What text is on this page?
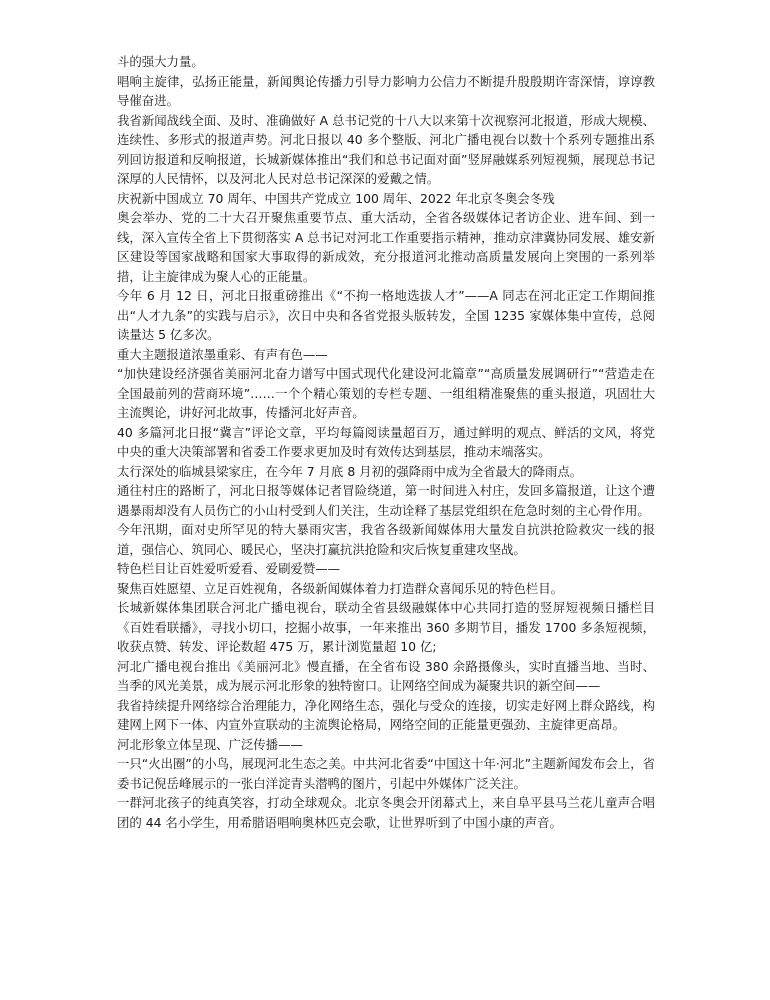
斗的强大力量。

唱响主旋律，弘扬正能量，新闻舆论传播力引导力影响力公信力不断提升殷殷期许寄深情，谆谆教导催奋进。

我省新闻战线全面、及时、准确做好 A 总书记党的十八大以来第十次视察河北报道，形成大规模、连续性、多形式的报道声势。河北日报以 40 多个整版、河北广播电视台以数十个系列专题推出系列回访报道和反响报道，长城新媒体推出“我们和总书记面对面”竖屏融媒系列短视频，展现总书记深厚的人民情怀，以及河北人民对总书记深深的爱戴之情。

庆祝新中国成立 70 周年、中国共产党成立 100 周年、2022 年北京冬奥会冬残

奥会举办、党的二十大召开聚焦重要节点、重大活动，全省各级媒体记者访企业、进车间、到一线，深入宣传全省上下贯彻落实 A 总书记对河北工作重要指示精神，推动京津冀协同发展、雄安新区建设等国家战略和国家大事取得的新成效，充分报道河北推动高质量发展向上突围的一系列举措，让主旋律成为聚人心的正能量。

今年 6 月 12 日，河北日报重磅推出《“不拘一格地选拔人才”——A 同志在河北正定工作期间推出“人才九条”的实践与启示》，次日中央和各省党报头版转发，全国 1235 家媒体集中宣传，总阅读量达 5 亿多次。

重大主题报道浓墨重彩、有声有色——

“加快建设经济强省美丽河北奋力谱写中国式现代化建设河北篇章”“高质量发展调研行”“营造走在全国最前列的营商环境”……一个个精心策划的专栏专题、一组组精准聚焦的重头报道，巩固壮大主流舆论，讲好河北故事，传播河北好声音。

40 多篇河北日报“冀言”评论文章，平均每篇阅读量超百万，通过鲜明的观点、鲜活的文风，将党中央的重大决策部署和省委工作要求更加及时有效传达到基层，推动末端落实。

太行深处的临城县梁家庄，在今年 7 月底 8 月初的强降雨中成为全省最大的降雨点。

通往村庄的路断了，河北日报等媒体记者冒险绕道，第一时间进入村庄，发回多篇报道，让这个遭遇暴雨却没有人员伤亡的小山村受到人们关注，生动诠释了基层党组织在危急时刻的主心骨作用。

今年汛期，面对史所罕见的特大暴雨灾害，我省各级新闻媒体用大量发自抗洪抢险救灾一线的报道，强信心、筑同心、暖民心，坚决打赢抗洪抢险和灾后恢复重建攻坚战。

特色栏目让百姓爱听爱看、爱刷爱赞——

聚焦百姓愿望、立足百姓视角，各级新闻媒体着力打造群众喜闻乐见的特色栏目。

长城新媒体集团联合河北广播电视台，联动全省县级融媒体中心共同打造的竖屏短视频日播栏目《百姓看联播》，寻找小切口，挖掘小故事，一年来推出 360 多期节目，播发 1700 多条短视频，收获点赞、转发、评论数超 475 万，累计浏览量超 10 亿;

河北广播电视台推出《美丽河北》慢直播，在全省布设 380 余路摄像头，实时直播当地、当时、当季的风光美景，成为展示河北形象的独特窗口。让网络空间成为凝聚共识的新空间——

我省持续提升网络综合治理能力，净化网络生态，强化与受众的连接，切实走好网上群众路线，构建网上网下一体、内宣外宣联动的主流舆论格局，网络空间的正能量更强劲、主旋律更高昂。

河北形象立体呈现、广泛传播——

一只“火出圈”的小鸟，展现河北生态之美。中共河北省委“中国这十年·河北”主题新闻发布会上，省委书记倪岳峰展示的一张白洋淀青头潜鸭的图片，引起中外媒体广泛关注。

一群河北孩子的纯真笑容，打动全球观众。北京冬奥会开闭幕式上，来自阜平县马兰花儿童声合唱团的 44 名小学生，用希腊语唱响奥林匹克会歌，让世界听到了中国小康的声音。
